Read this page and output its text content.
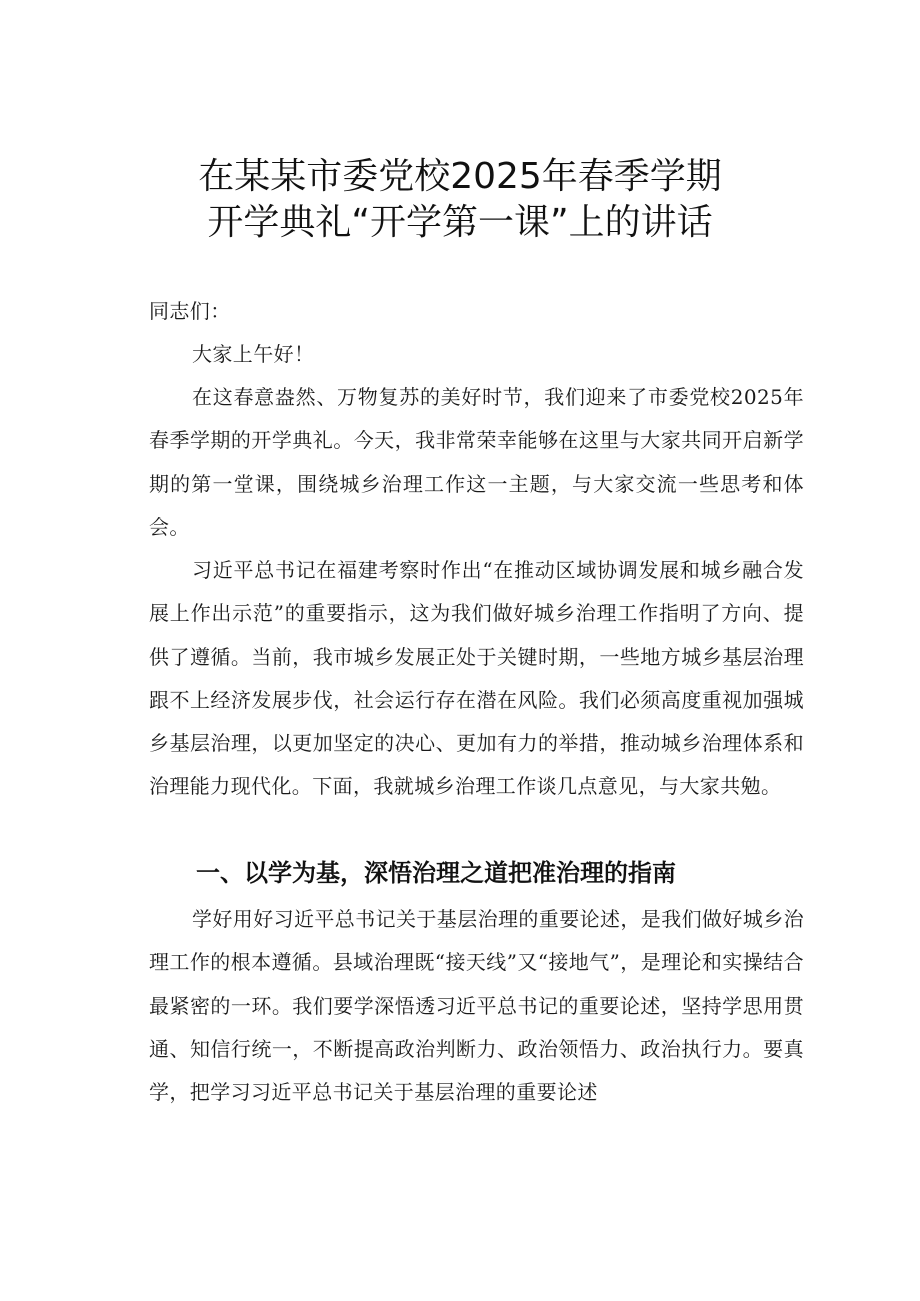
在某某市委党校2025年春季学期
开学典礼“开学第一课”上的讲话

同志们：

大家上午好！

在这春意盎然、万物复苏的美好时节，我们迎来了市委党校2025年春季学期的开学典礼。今天，我非常荣幸能够在这里与大家共同开启新学期的第一堂课，围绕城乡治理工作这一主题，与大家交流一些思考和体会。

习近平总书记在福建考察时作出“在推动区域协调发展和城乡融合发展上作出示范”的重要指示，这为我们做好城乡治理工作指明了方向、提供了遵循。当前，我市城乡发展正处于关键时期，一些地方城乡基层治理跟不上经济发展步伐，社会运行存在潜在风险。我们必须高度重视加强城乡基层治理，以更加坚定的决心、更加有力的举措，推动城乡治理体系和治理能力现代化。下面，我就城乡治理工作谈几点意见，与大家共勉。

一、以学为基，深悟治理之道把准治理的指南

学好用好习近平总书记关于基层治理的重要论述，是我们做好城乡治理工作的根本遵循。县域治理既“接天线”又“接地气”，是理论和实操结合最紧密的一环。我们要学深悟透习近平总书记的重要论述，坚持学思用贯通、知信行统一，不断提高政治判断力、政治领悟力、政治执行力。要真学，把学习习近平总书记关于基层治理的重要论述
